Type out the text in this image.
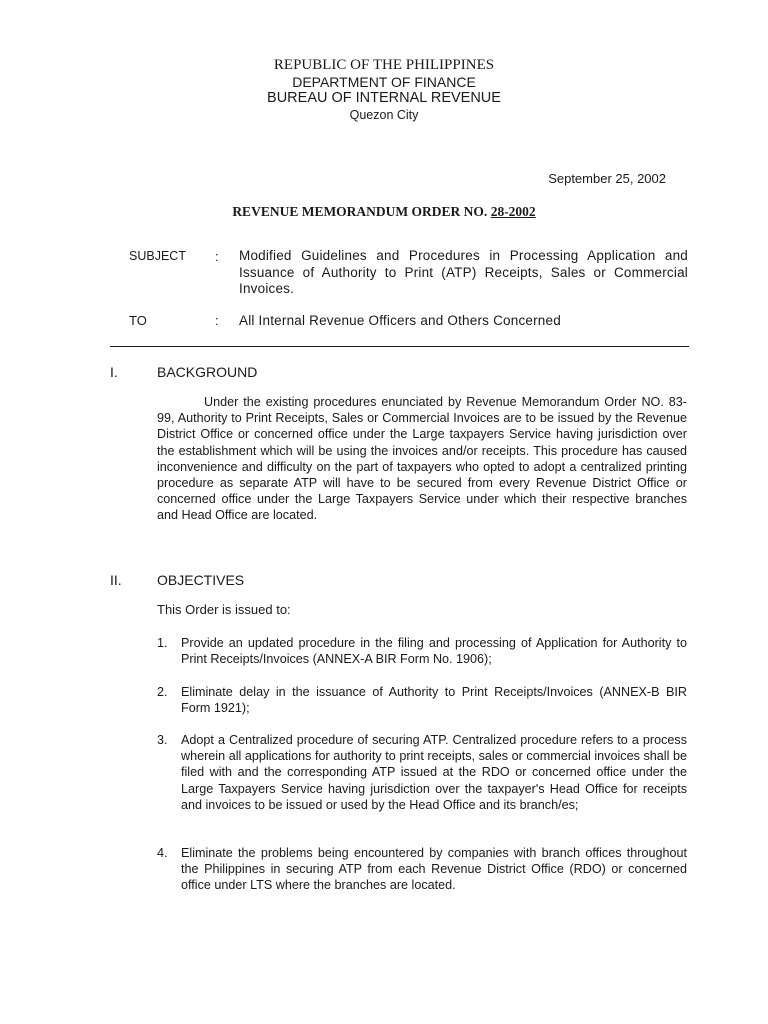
REPUBLIC OF THE PHILIPPINES
DEPARTMENT OF FINANCE
BUREAU OF INTERNAL REVENUE
Quezon City
September 25, 2002
REVENUE MEMORANDUM ORDER NO. 28-2002
SUBJECT : Modified Guidelines and Procedures in Processing Application and Issuance of Authority to Print (ATP) Receipts, Sales or Commercial Invoices.
TO	: All Internal Revenue Officers and Others Concerned
I.	BACKGROUND
Under the existing procedures enunciated by Revenue Memorandum Order NO. 83-99, Authority to Print Receipts, Sales or Commercial Invoices are to be issued by the Revenue District Office or concerned office under the Large taxpayers Service having jurisdiction over the establishment which will be using the invoices and/or receipts. This procedure has caused inconvenience and difficulty on the part of taxpayers who opted to adopt a centralized printing procedure as separate ATP will have to be secured from every Revenue District Office or concerned office under the Large Taxpayers Service under which their respective branches and Head Office are located.
II.	OBJECTIVES
This Order is issued to:
1. Provide an updated procedure in the filing and processing of Application for Authority to Print Receipts/Invoices (ANNEX-A BIR Form No. 1906);
2. Eliminate delay in the issuance of Authority to Print Receipts/Invoices (ANNEX-B BIR Form 1921);
3. Adopt a Centralized procedure of securing ATP. Centralized procedure refers to a process wherein all applications for authority to print receipts, sales or commercial invoices shall be filed with and the corresponding ATP issued at the RDO or concerned office under the Large Taxpayers Service having jurisdiction over the taxpayer's Head Office for receipts and invoices to be issued or used by the Head Office and its branch/es;
4. Eliminate the problems being encountered by companies with branch offices throughout the Philippines in securing ATP from each Revenue District Office (RDO) or concerned office under LTS where the branches are located.
